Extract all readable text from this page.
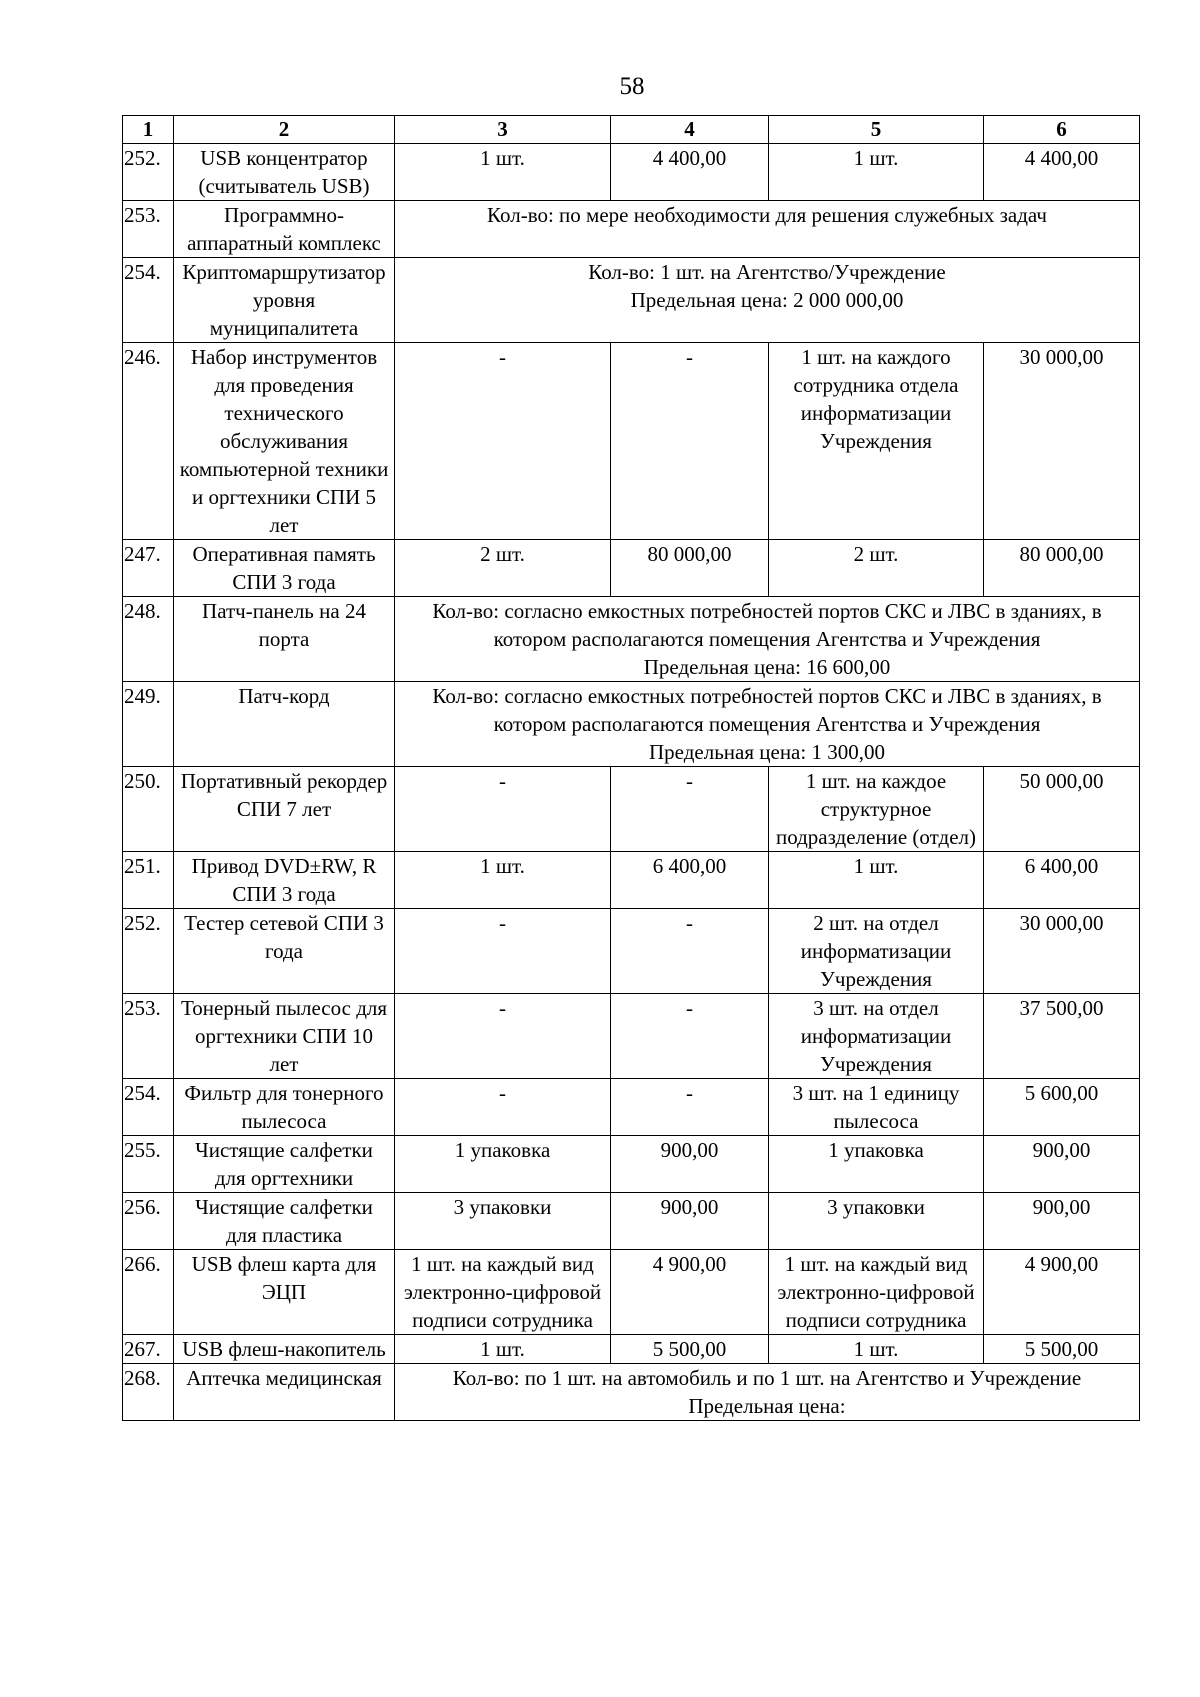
58
1	2	3	4	5	6
252.	USB концентратор (считыватель USB)	1 шт.	4 400,00	1 шт.	4 400,00
253.	Программно-аппаратный комплекс	Кол-во: по мере необходимости для решения служебных задач			

254.	Криптомаршрутизатор уровня муниципалитета	Кол-во: 1 шт. на Агентство/Учреждение
Предельная цена: 2 000 000,00			

246.	Набор инструментов для проведения технического обслуживания компьютерной техники и оргтехники СПИ 5 лет	-	-	1 шт. на каждого сотрудника отдела информатизации Учреждения	30 000,00
247.	Оперативная память СПИ 3 года	2 шт.	80 000,00	2 шт.	80 000,00
248.	Патч-панель на 24 порта	Кол-во: согласно емкостных потребностей портов СКС и ЛВС в зданиях, в
котором располагаются помещения Агентства и Учреждения
Предельная цена: 16 600,00			

249.	Патч-корд	Кол-во: согласно емкостных потребностей портов СКС и ЛВС в зданиях, в
котором располагаются помещения Агентства и Учреждения
Предельная цена: 1 300,00			

250.	Портативный рекордер СПИ 7 лет	-	-	1 шт. на каждое структурное подразделение (отдел)	50 000,00
251.	Привод DVD±RW, R СПИ 3 года	1 шт.	6 400,00	1 шт.	6 400,00
252.	Тестер сетевой СПИ 3 года	-	-	2 шт. на отдел информатизации Учреждения	30 000,00
253.	Тонерный пылесос для оргтехники СПИ 10 лет	-	-	3 шт. на отдел информатизации Учреждения	37 500,00
254.	Фильтр для тонерного пылесоса	-	-	3 шт. на 1 единицу пылесоса	5 600,00
255.	Чистящие салфетки для оргтехники	1 упаковка	900,00	1 упаковка	900,00
256.	Чистящие салфетки для пластика	3 упаковки	900,00	3 упаковки	900,00
266.	USB флеш карта для ЭЦП	1 шт. на каждый вид электронно-цифровой подписи сотрудника	4 900,00	1 шт. на каждый вид электронно-цифровой подписи сотрудника	4 900,00
267.	USB флеш-накопитель	1 шт.	5 500,00	1 шт.	5 500,00
268.	Аптечка медицинская	Кол-во: по 1 шт. на автомобиль и по 1 шт. на Агентство и Учреждение
Предельная цена:			
